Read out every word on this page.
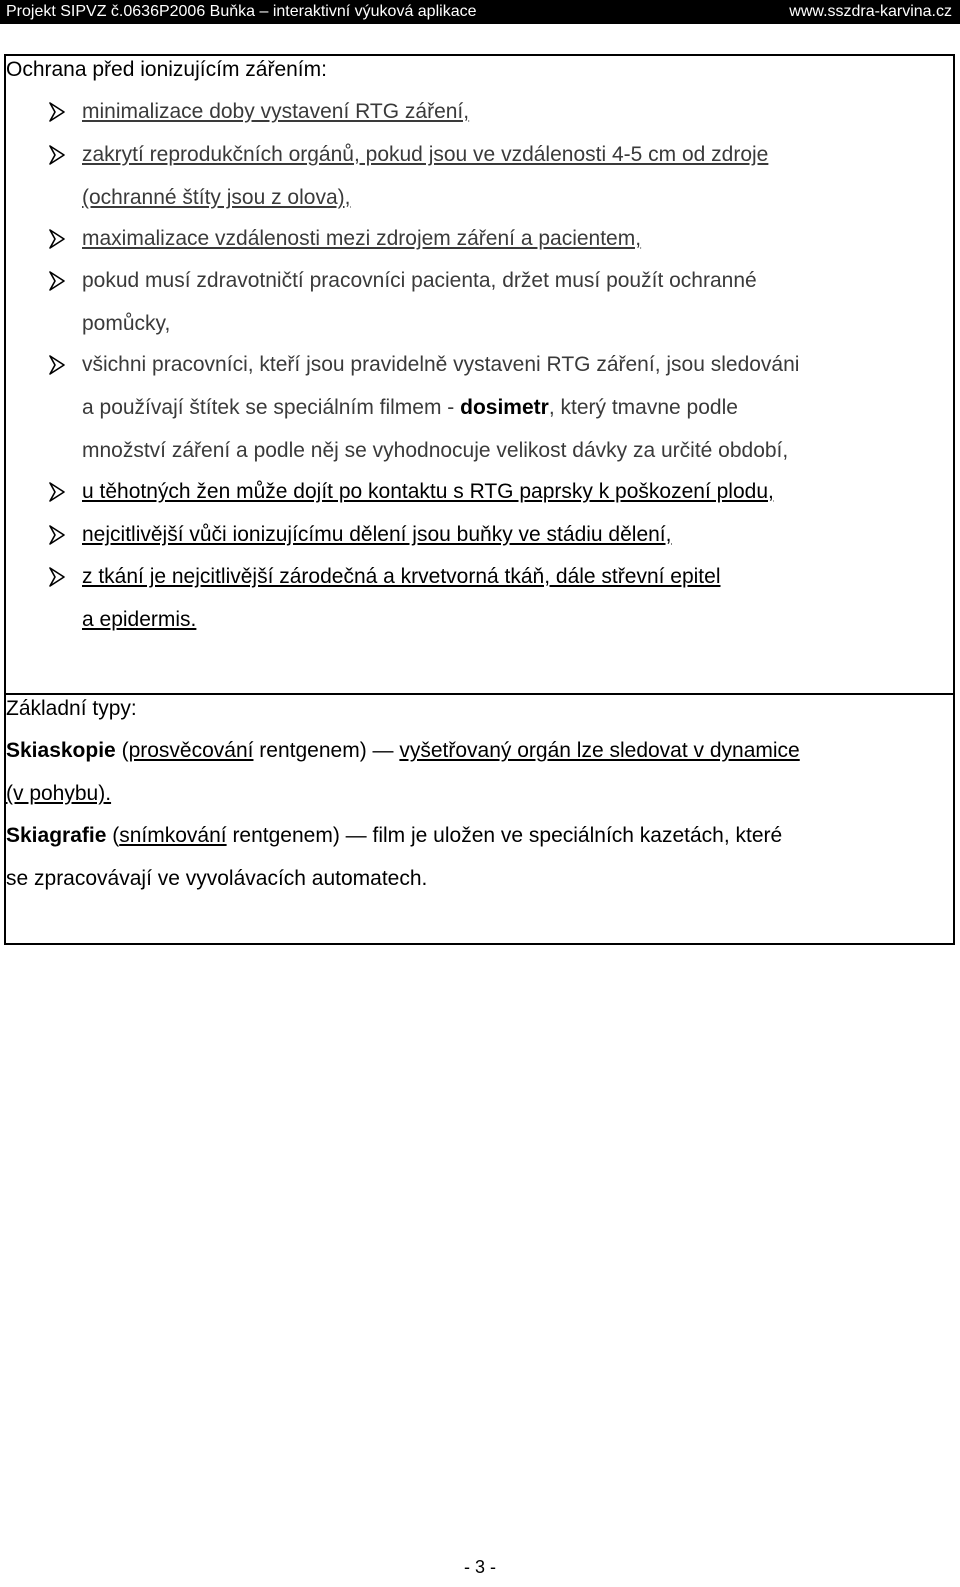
Projekt SIPVZ č.0636P2006 Buňka – interaktivní výuková aplikace	www.sszdra-karvina.cz
Ochrana před ionizujícím zářením:
minimalizace doby vystavení RTG záření,
zakrytí reprodukčních orgánů, pokud jsou ve vzdálenosti 4-5 cm od zdroje
(ochranné štíty jsou z olova),
maximalizace vzdálenosti mezi zdrojem záření a pacientem,
pokud musí zdravotničtí pracovníci pacienta, držet musí použít ochranné
pomůcky,
všichni pracovníci, kteří jsou pravidelně vystaveni RTG záření, jsou sledováni
a používají štítek se speciálním filmem - dosimetr, který tmavne podle
množství záření a podle něj se vyhodnocuje velikost dávky za určité období,
u těhotných žen může dojít po kontaktu s RTG paprsky k poškození plodu,
nejcitlivější vůči ionizujícímu dělení jsou buňky ve stádiu dělení,
z tkání je nejcitlivější zárodečná a krvetvorná tkáň, dále střevní epitel
a epidermis.
Základní typy:
Skiaskopie (prosvěcování rentgenem) — vyšetřovaný orgán lze sledovat v dynamice
(v pohybu).
Skiagrafie (snímkování rentgenem) — film je uložen ve speciálních kazetách, které
se zpracovávají ve vyvolávacích automatech.
- 3 -
